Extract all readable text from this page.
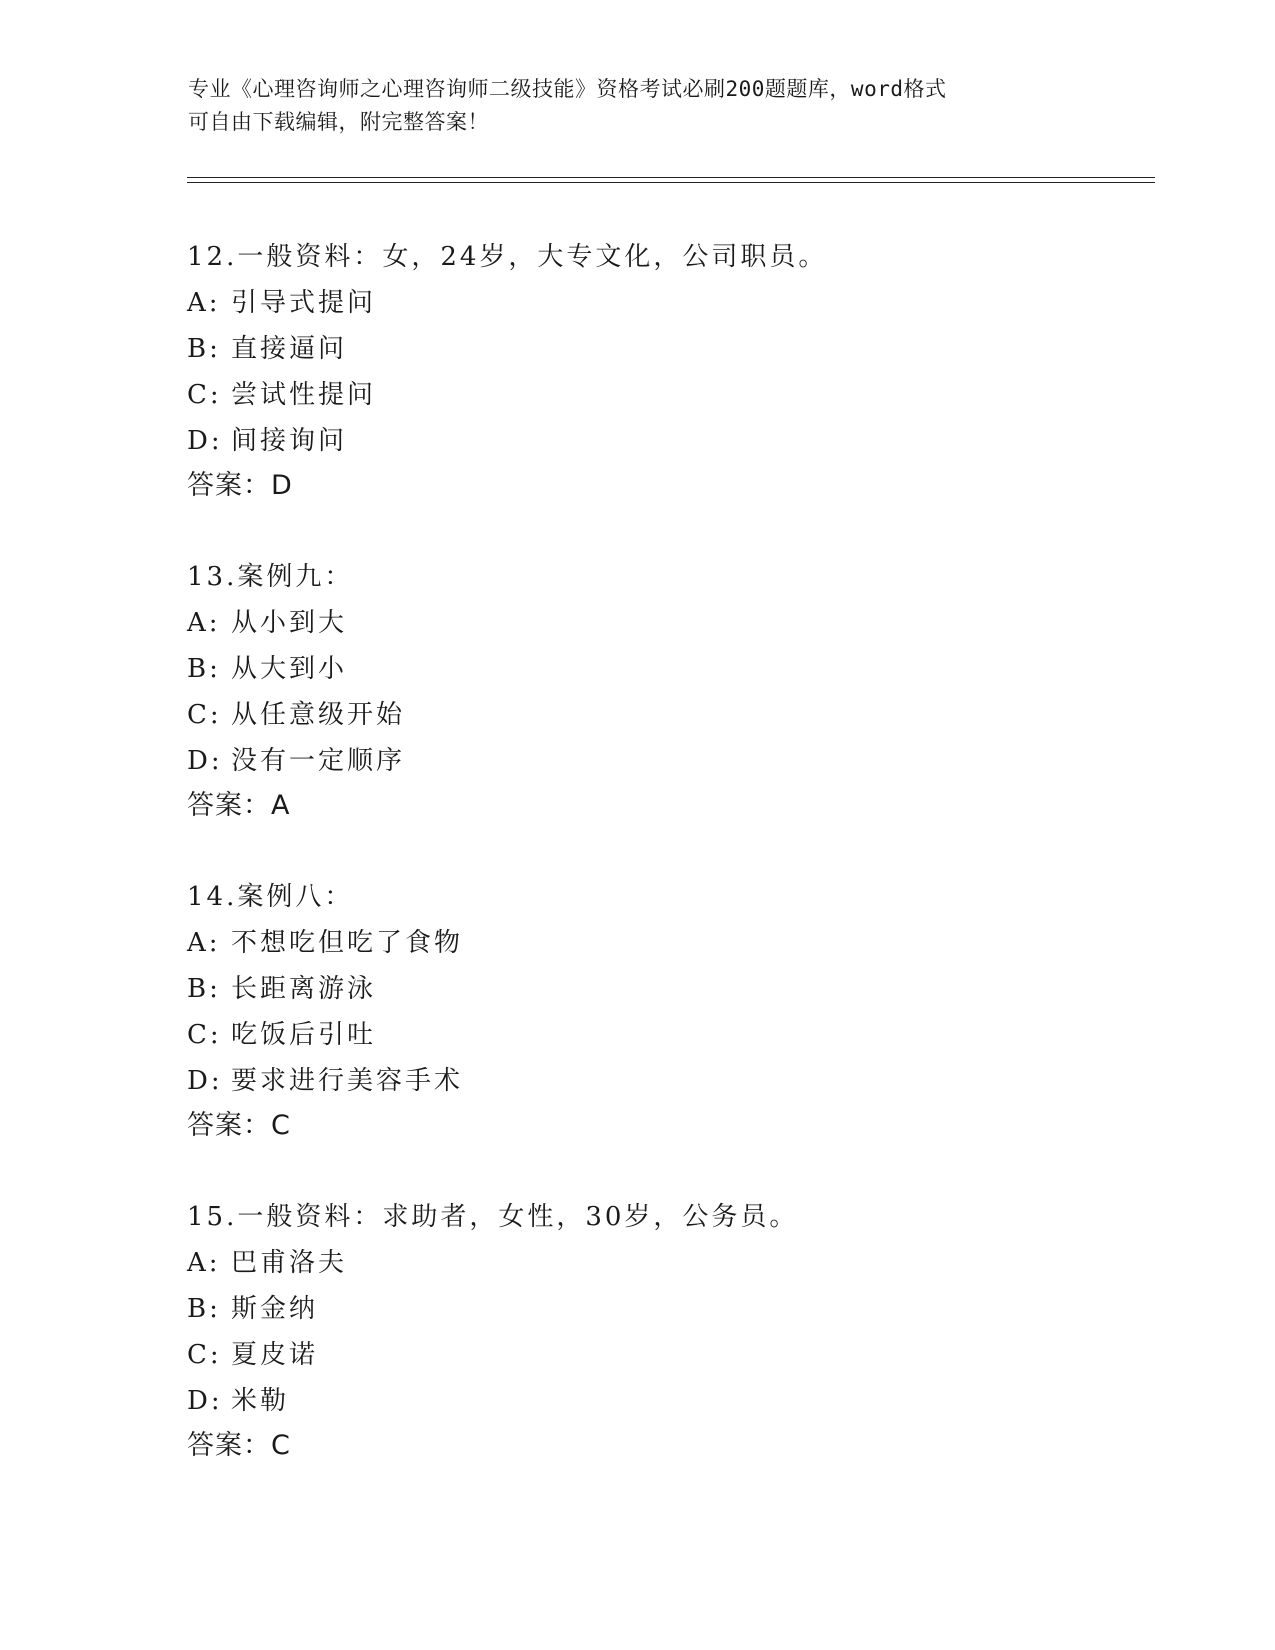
专业《心理咨询师之心理咨询师二级技能》资格考试必刷200题题库，word格式
可自由下载编辑，附完整答案！
12.一般资料：女，24岁，大专文化，公司职员。
A: 引导式提问
B: 直接逼问
C: 尝试性提问
D: 间接询问
答案：D
13.案例九：
A: 从小到大
B: 从大到小
C: 从任意级开始
D: 没有一定顺序
答案：A
14.案例八：
A: 不想吃但吃了食物
B: 长距离游泳
C: 吃饭后引吐
D: 要求进行美容手术
答案：C
15.一般资料：求助者，女性，30岁，公务员。
A: 巴甫洛夫
B: 斯金纳
C: 夏皮诺
D: 米勒
答案：C
